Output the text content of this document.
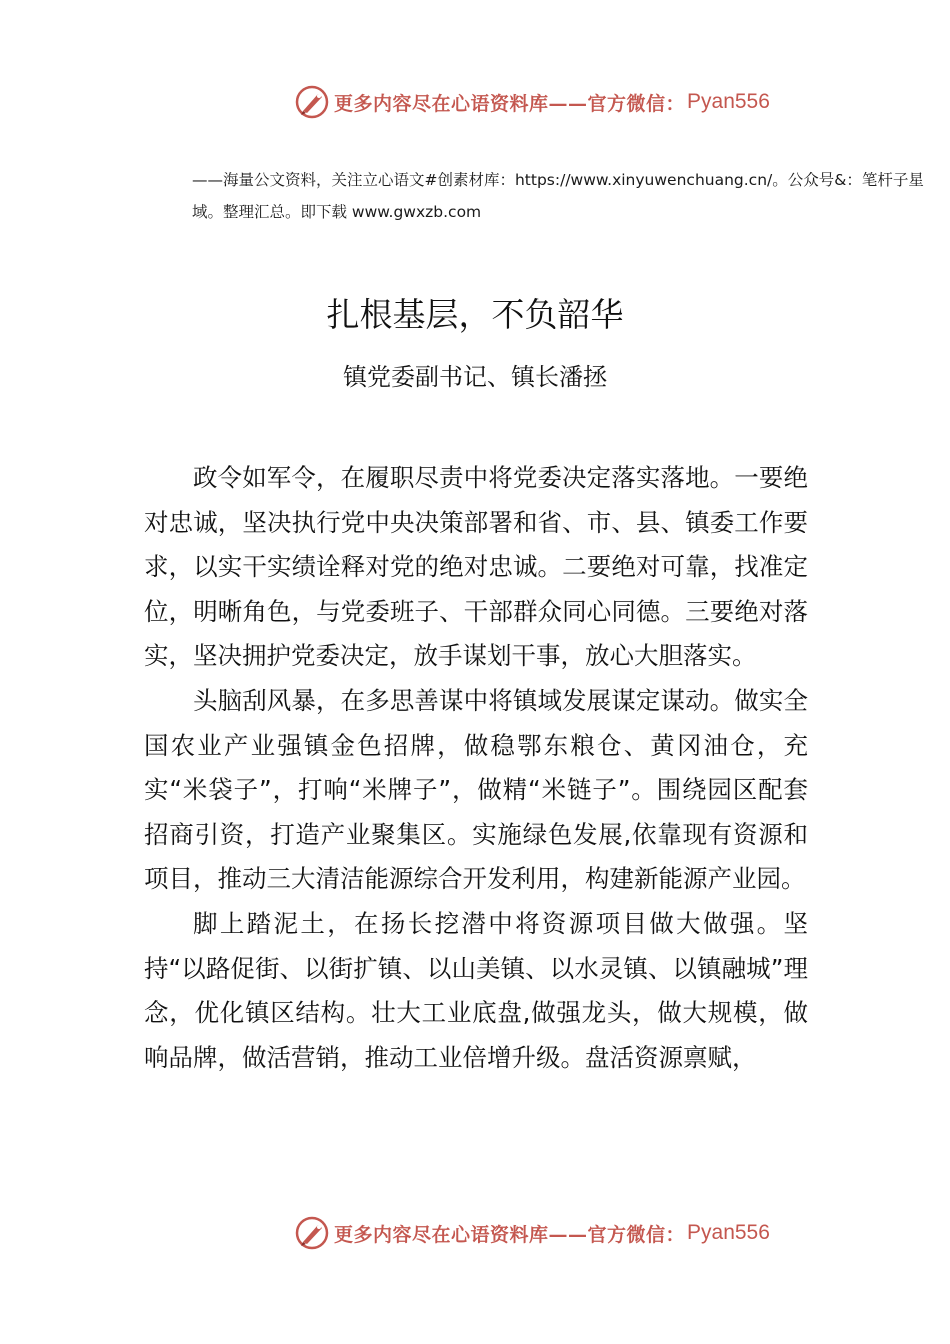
更多内容尽在心语资料库——官方微信： Pyan556
——海量公文资料，关注立心语文#创素材库：https://www.xinyuwenchuang.cn/。公众号&：笔杆子星域。整理汇总。即下载 www.gwxzb.com
扎根基层，不负韶华
镇党委副书记、镇长潘拯

政令如军令，在履职尽责中将党委决定落实落地。一要绝对忠诚，坚决执行党中央决策部署和省、市、县、镇委工作要求，以实干实绩诠释对党的绝对忠诚。二要绝对可靠，找准定位，明晰角色，与党委班子、干部群众同心同德。三要绝对落实，坚决拥护党委决定，放手谋划干事，放心大胆落实。

头脑刮风暴，在多思善谋中将镇域发展谋定谋动。做实全国农业产业强镇金色招牌，做稳鄂东粮仓、黄冈油仓，充实“米袋子”，打响“米牌子”，做精“米链子”。围绕园区配套招商引资，打造产业聚集区。实施绿色发展,依靠现有资源和项目，推动三大清洁能源综合开发利用，构建新能源产业园。

脚上踏泥土，在扬长挖潜中将资源项目做大做强。坚持“以路促街、以街扩镇、以山美镇、以水灵镇、以镇融城”理念，优化镇区结构。壮大工业底盘,做强龙头，做大规模，做响品牌，做活营销，推动工业倍增升级。盘活资源禀赋，

更多内容尽在心语资料库——官方微信： Pyan556
